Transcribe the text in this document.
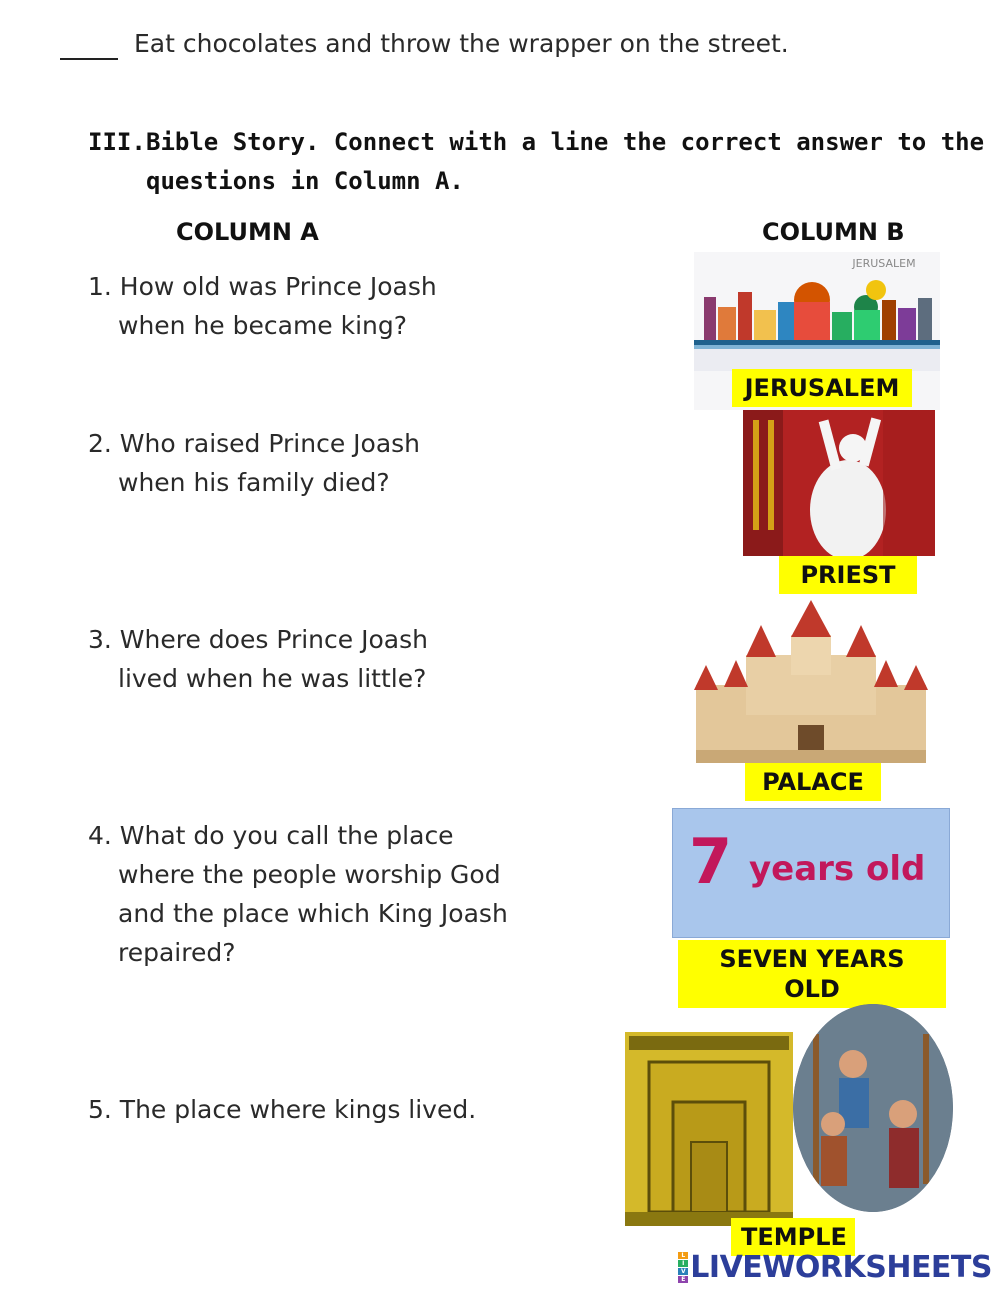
Eat chocolates and throw the wrapper on the street.
III. Bible Story. Connect with a line the correct answer to the
questions in Column A.
COLUMN A	COLUMN B
1. How old was Prince Joash
when he became king?
2. Who raised Prince Joash
when his family died?
3. Where does Prince Joash
lived when he was little?
4. What do you call the place
where the people worship God
and the place which King Joash
repaired?
5. The place where kings lived.
JERUSALEM
JERUSALEM
PRIEST
PALACE
7 years old
SEVEN YEARS OLD
TEMPLE
L
I
V
E LIVEWORKSHEETS
